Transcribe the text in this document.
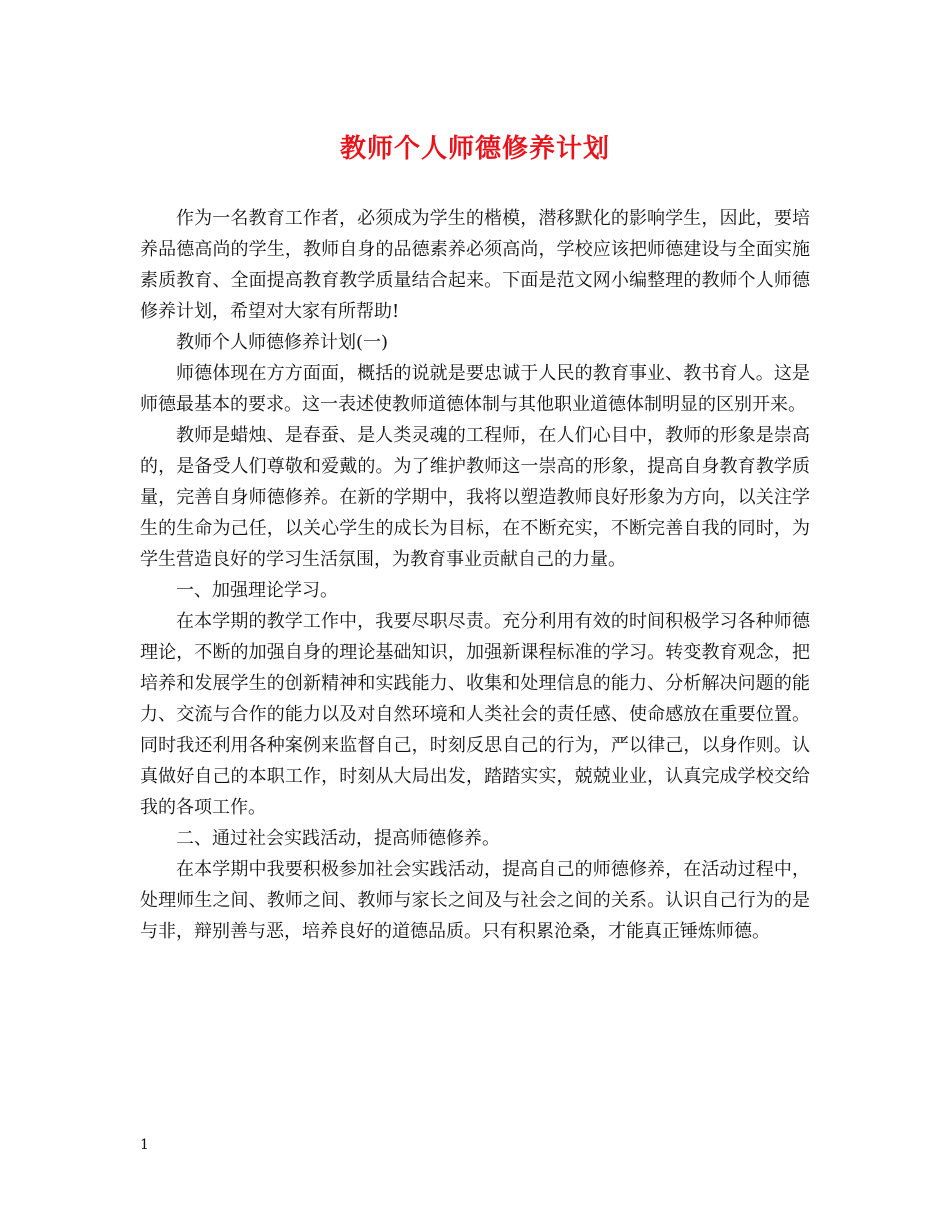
教师个人师德修养计划

作为一名教育工作者，必须成为学生的楷模，潜移默化的影响学生，因此，要培养品德高尚的学生，教师自身的品德素养必须高尚，学校应该把师德建设与全面实施素质教育、全面提高教育教学质量结合起来。下面是范文网小编整理的教师个人师德修养计划，希望对大家有所帮助!

教师个人师德修养计划(一)

师德体现在方方面面，概括的说就是要忠诚于人民的教育事业、教书育人。这是师德最基本的要求。这一表述使教师道德体制与其他职业道德体制明显的区别开来。

教师是蜡烛、是春蚕、是人类灵魂的工程师，在人们心目中，教师的形象是崇高的，是备受人们尊敬和爱戴的。为了维护教师这一崇高的形象，提高自身教育教学质量，完善自身师德修养。在新的学期中，我将以塑造教师良好形象为方向，以关注学生的生命为己任，以关心学生的成长为目标，在不断充实，不断完善自我的同时，为学生营造良好的学习生活氛围，为教育事业贡献自己的力量。

一、加强理论学习。

在本学期的教学工作中，我要尽职尽责。充分利用有效的时间积极学习各种师德理论，不断的加强自身的理论基础知识，加强新课程标准的学习。转变教育观念，把培养和发展学生的创新精神和实践能力、收集和处理信息的能力、分析解决问题的能力、交流与合作的能力以及对自然环境和人类社会的责任感、使命感放在重要位置。同时我还利用各种案例来监督自己，时刻反思自己的行为，严以律己，以身作则。认真做好自己的本职工作，时刻从大局出发，踏踏实实，兢兢业业，认真完成学校交给我的各项工作。

二、通过社会实践活动，提高师德修养。

在本学期中我要积极参加社会实践活动，提高自己的师德修养，在活动过程中，处理师生之间、教师之间、教师与家长之间及与社会之间的关系。认识自己行为的是与非，辩别善与恶，培养良好的道德品质。只有积累沧桑，才能真正锤炼师德。

1
